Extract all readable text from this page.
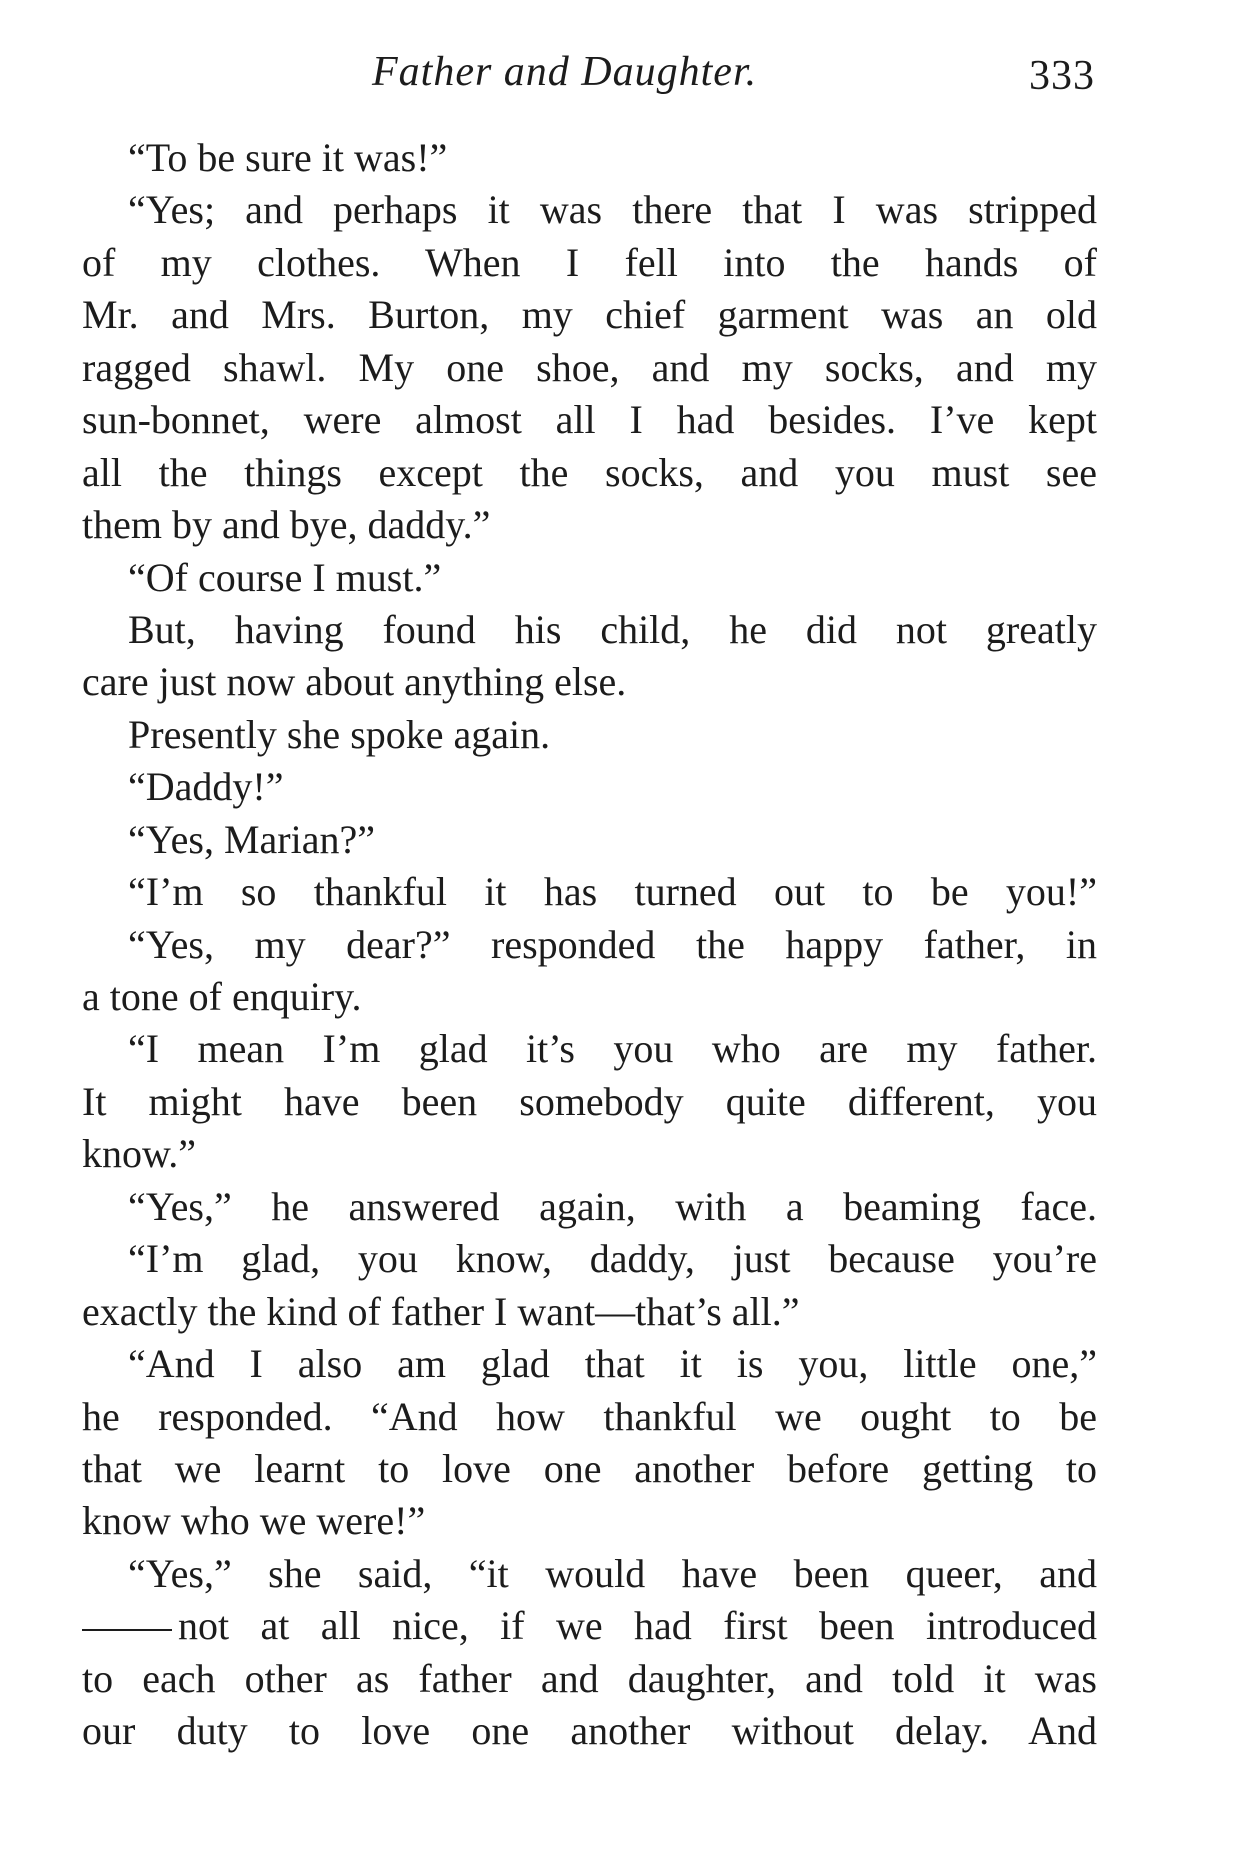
Father and Daughter.	333
“To be sure it was!”
“Yes; and perhaps it was there that I was stripped
of my clothes. When I fell into the hands of
Mr. and Mrs. Burton, my chief garment was an old
ragged shawl. My one shoe, and my socks, and my
sun-bonnet, were almost all I had besides. I’ve kept
all the things except the socks, and you must see
them by and bye, daddy.”
“Of course I must.”
But, having found his child, he did not greatly
care just now about anything else.
Presently she spoke again.
“Daddy!”
“Yes, Marian?”
“I’m so thankful it has turned out to be you!”
“Yes, my dear?” responded the happy father, in
a tone of enquiry.
“I mean I’m glad it’s you who are my father.
It might have been somebody quite different, you
know.”
“Yes,” he answered again, with a beaming face.
“I’m glad, you know, daddy, just because you’re
exactly the kind of father I want—that’s all.”
“And I also am glad that it is you, little one,”
he responded. “And how thankful we ought to be
that we learnt to love one another before getting to
know who we were!”
“Yes,” she said, “it would have been queer, and
not at all nice, if we had first been introduced
to each other as father and daughter, and told it was
our duty to love one another without delay. And
